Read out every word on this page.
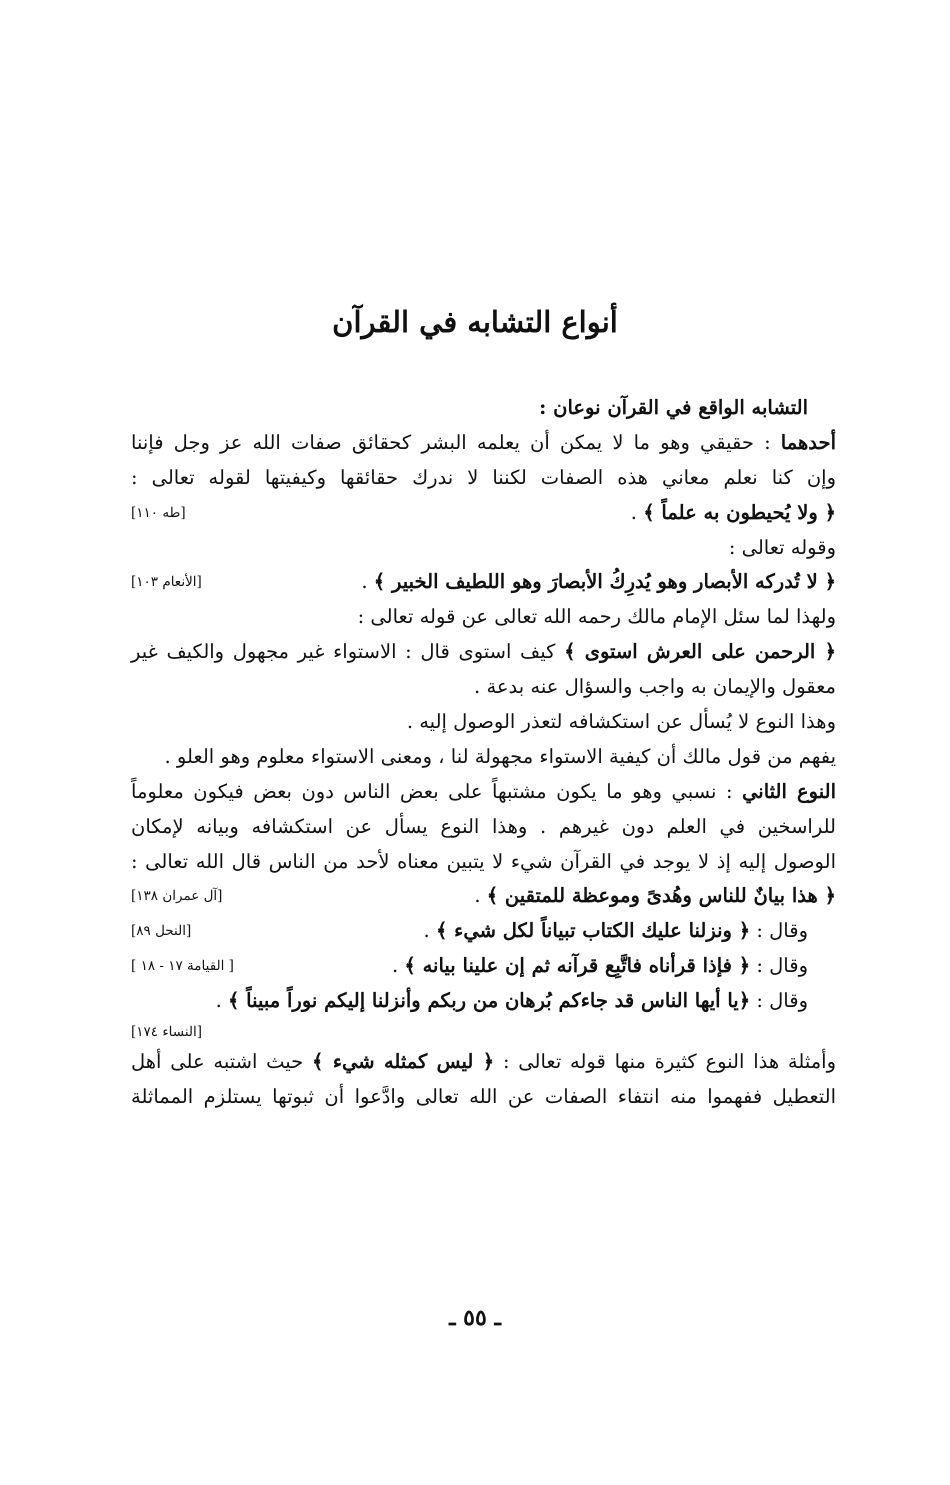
أنواع التشابه في القرآن
التشابه الواقع في القرآن نوعان :
أحدهما : حقيقي وهو ما لا يمكن أن يعلمه البشر كحقائق صفات الله عز وجل فإننا
وإن كنا نعلم معاني هذه الصفات لكننا لا ندرك حقائقها وكيفيتها لقوله تعالى :
﴿ ولا يُحيطون به علماً ﴾ .
[طه ١١٠]
وقوله تعالى :
﴿ لا تُدركه الأبصار وهو يُدرِكُ الأبصارَ وهو اللطيف الخبير ﴾ .
[الأنعام ١٠٣]
ولهذا لما سئل الإمام مالك رحمه الله تعالى عن قوله تعالى :
﴿ الرحمن على العرش استوى ﴾ كيف استوى قال : الاستواء غير مجهول والكيف غير
معقول والإيمان به واجب والسؤال عنه بدعة .
وهذا النوع لا يُسأل عن استكشافه لتعذر الوصول إليه .
يفهم من قول مالك أن كيفية الاستواء مجهولة لنا ، ومعنى الاستواء معلوم وهو العلو .
النوع الثاني : نسبي وهو ما يكون مشتبهاً على بعض الناس دون بعض فيكون معلوماً
للراسخين في العلم دون غيرهم . وهذا النوع يسأل عن استكشافه وبيانه لإمكان
الوصول إليه إذ لا يوجد في القرآن شيء لا يتبين معناه لأحد من الناس قال الله تعالى :
﴿ هذا بيانٌ للناس وهُدىً وموعظة للمتقين ﴾ .
[آل عمران ١٣٨]
وقال : ﴿ ونزلنا عليك الكتاب تبياناً لكل شيء ﴾ .
[النحل ٨٩]
وقال : ﴿ فإذا قرأناه فاتَّبِع قرآنه ثم إن علينا بيانه ﴾ .
[ القيامة ١٧ - ١٨ ]
وقال : ﴿يا أيها الناس قد جاءكم بُرهان من ربكم وأنزلنا إليكم نوراً مبيناً ﴾ .
[النساء ١٧٤]
وأمثلة هذا النوع كثيرة منها قوله تعالى : ﴿ ليس كمثله شيء ﴾ حيث اشتبه على أهل
التعطيل ففهموا منه انتفاء الصفات عن الله تعالى وادَّعوا أن ثبوتها يستلزم المماثلة
ـ ٥٥ ـ
